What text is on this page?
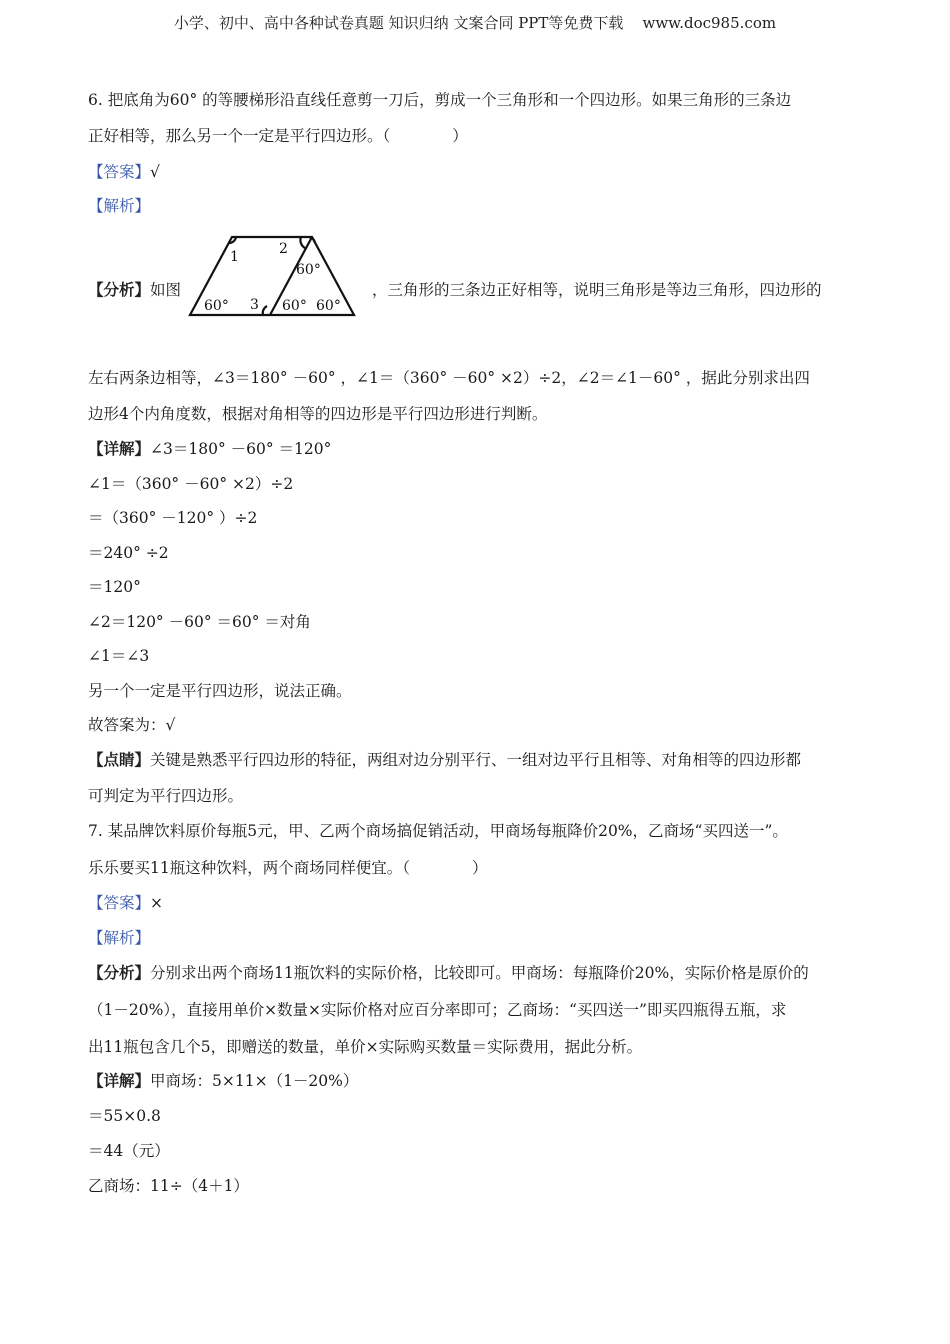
小学、初中、高中各种试卷真题 知识归纳 文案合同 PPT等免费下载    www.doc985.com
6. 把底角为60° 的等腰梯形沿直线任意剪一刀后，剪成一个三角形和一个四边形。如果三角形的三条边
正好相等，那么另一个一定是平行四边形。（　　　　）
【答案】√
【解析】
【分析】如图	，三角形的三条边正好相等，说明三角形是等边三角形，四边形的
1	2
3
60°	60° 60°
60°
左右两条边相等，∠3＝180° －60° ，∠1＝（360° －60° ×2）÷2，∠2＝∠1－60° ，据此分别求出四
边形4个内角度数，根据对角相等的四边形是平行四边形进行判断。
【详解】∠3＝180° －60° ＝120°
∠1＝（360° －60° ×2）÷2
＝（360° －120° ）÷2
＝240° ÷2
＝120°
∠2＝120° －60° ＝60° ＝对角
∠1＝∠3
另一个一定是平行四边形，说法正确。
故答案为：√
【点睛】关键是熟悉平行四边形的特征，两组对边分别平行、一组对边平行且相等、对角相等的四边形都
可判定为平行四边形。
7. 某品牌饮料原价每瓶5元，甲、乙两个商场搞促销活动，甲商场每瓶降价20%，乙商场“买四送一”。
乐乐要买11瓶这种饮料，两个商场同样便宜。（　　　　）
【答案】×
【解析】
【分析】分别求出两个商场11瓶饮料的实际价格，比较即可。甲商场：每瓶降价20%，实际价格是原价的
（1－20%），直接用单价×数量×实际价格对应百分率即可；乙商场：“买四送一”即买四瓶得五瓶，求
出11瓶包含几个5，即赠送的数量，单价×实际购买数量＝实际费用，据此分析。
【详解】甲商场：5×11×（1－20%）
＝55×0.8
＝44（元）
乙商场：11÷（4＋1）
